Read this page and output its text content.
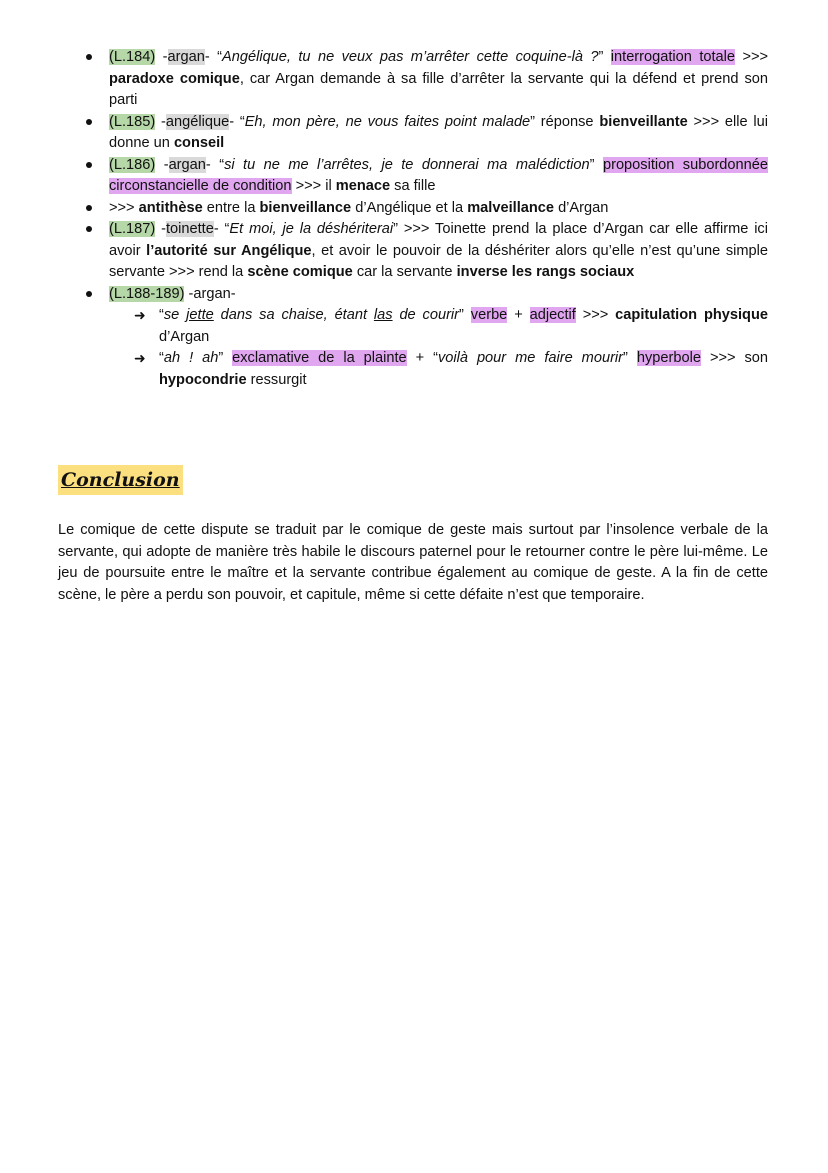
(L.184) -argan- “Angélique, tu ne veux pas m’arrêter cette coquine-là ?” interrogation totale >>> paradoxe comique, car Argan demande à sa fille d’arrêter la servante qui la défend et prend son parti

(L.185) -angélique- “Eh, mon père, ne vous faites point malade” réponse bienveillante >>> elle lui donne un conseil

(L.186) -argan- “si tu ne me l’arrêtes, je te donnerai ma malédiction” proposition subordonnée circonstancielle de condition >>> il menace sa fille

>>> antithèse entre la bienveillance d’Angélique et la malveillance d’Argan

(L.187) -toinette- “Et moi, je la déshériterai” >>> Toinette prend la place d’Argan car elle affirme ici avoir l’autorité sur Angélique, et avoir le pouvoir de la déshériter alors qu’elle n’est qu’une simple servante >>> rend la scène comique car la servante inverse les rangs sociaux

(L.188-189) -argan-

➜ “se jette dans sa chaise, étant las de courir” verbe + adjectif >>> capitulation physique d’Argan
➜ “ah ! ah” exclamative de la plainte + “voilà pour me faire mourir” hyperbole >>> son hypocondrie ressurgit
Conclusion

Le comique de cette dispute se traduit par le comique de geste mais surtout par l’insolence verbale de la servante, qui adopte de manière très habile le discours paternel pour le retourner contre le père lui-même. Le jeu de poursuite entre le maître et la servante contribue également au comique de geste. A la fin de cette scène, le père a perdu son pouvoir, et capitule, même si cette défaite n’est que temporaire.
